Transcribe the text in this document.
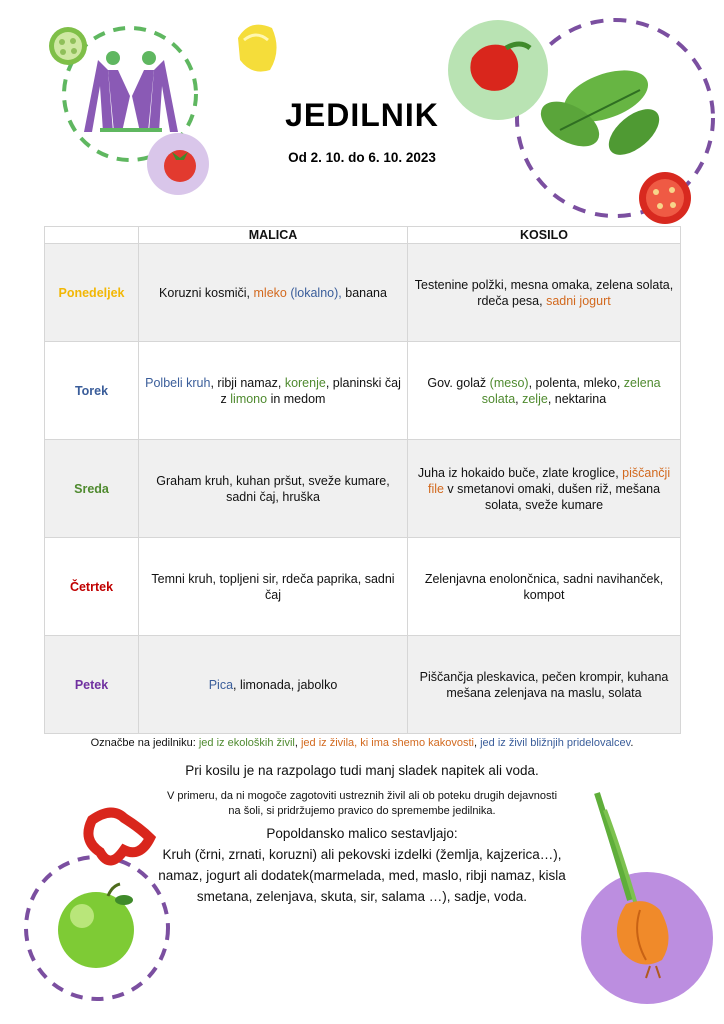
JEDILNIK
Od 2. 10. do 6. 10. 2023
	MALICA	KOSILO
Ponedeljek	Koruzni kosmiči, mleko (lokalno), banana	Testenine polžki, mesna omaka, zelena solata, rdeča pesa, sadni jogurt
Torek	Polbeli kruh, ribji namaz, korenje, planinski čaj z limono in medom	Gov. golaž (meso), polenta, mleko, zelena solata, zelje, nektarina
Sreda	Graham kruh, kuhan pršut, sveže kumare, sadni čaj, hruška	Juha iz hokaido buče, zlate kroglice, piščančji file v smetanovi omaki, dušen riž, mešana solata, sveže kumare
Četrtek	Temni kruh, topljeni sir, rdeča paprika, sadni čaj	Zelenjavna enolončnica, sadni navihanček, kompot
Petek	Pica, limonada, jabolko	Piščančja pleskavica, pečen krompir, kuhana mešana zelenjava na maslu, solata
Označbe na jedilniku: jed iz ekoloških živil, jed iz živila, ki ima shemo kakovosti, jed iz živil bližnjih pridelovalcev.
Pri kosilu je na razpolago tudi manj sladek napitek ali voda.
V primeru, da ni mogoče zagotoviti ustreznih živil ali ob poteku drugih dejavnosti na šoli, si pridržujemo pravico do spremembe jedilnika.
Popoldansko malico sestavljajo:
Kruh (črni, zrnati, koruzni) ali pekovski izdelki (žemlja, kajzerica…), namaz, jogurt ali dodatek(marmelada, med, maslo, ribji namaz, kisla smetana, zelenjava, skuta, sir, salama …), sadje, voda.
